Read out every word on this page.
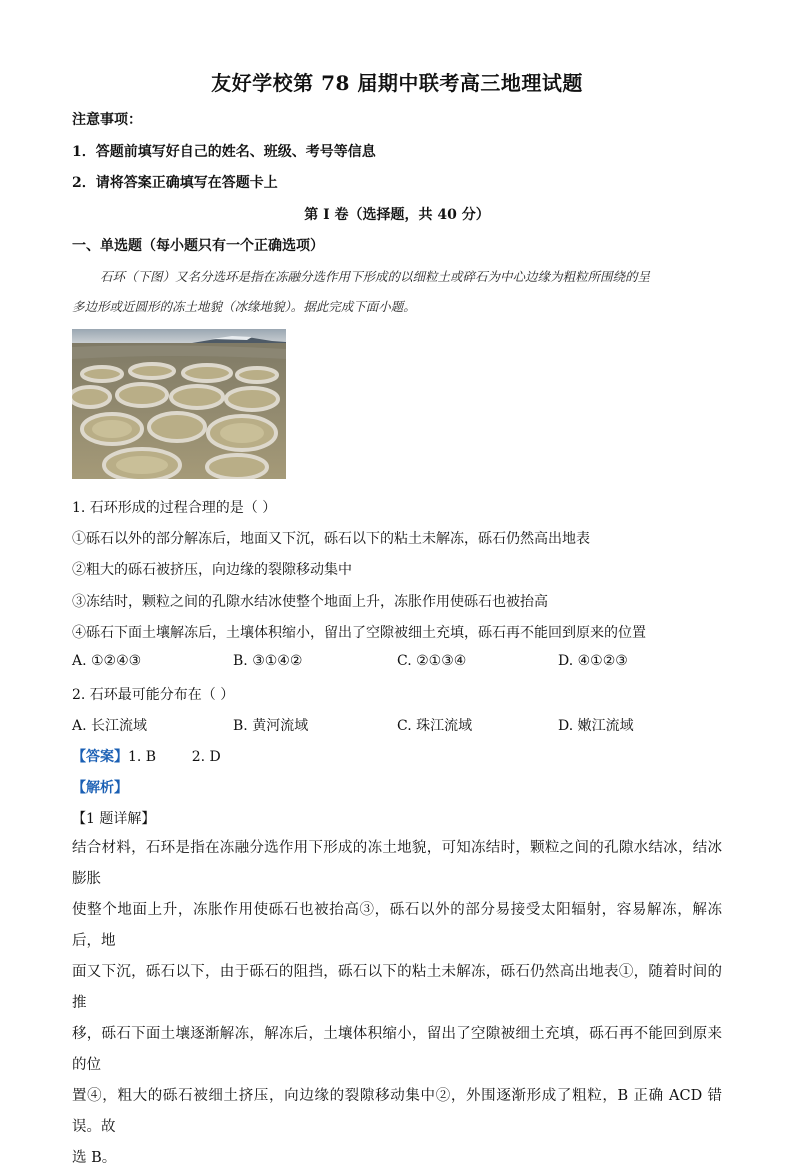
友好学校第 78 届期中联考高三地理试题
注意事项：
1．答题前填写好自己的姓名、班级、考号等信息
2．请将答案正确填写在答题卡上
第 I 卷（选择题，共 40 分）
一、单选题（每小题只有一个正确选项）
石环（下图）又名分选环是指在冻融分选作用下形成的以细粒土或碎石为中心边缘为粗粒所围绕的呈
多边形或近圆形的冻土地貌（冰缘地貌）。据此完成下面小题。
1. 石环形成的过程合理的是（ ）
①砾石以外的部分解冻后，地面又下沉，砾石以下的粘土未解冻，砾石仍然高出地表
②粗大的砾石被挤压，向边缘的裂隙移动集中
③冻结时，颗粒之间的孔隙水结冰使整个地面上升，冻胀作用使砾石也被抬高
④砾石下面土壤解冻后，土壤体积缩小，留出了空隙被细土充填，砾石再不能回到原来的位置
A. ①②④③	B. ③①④②	C. ②①③④	D. ④①②③
2. 石环最可能分布在（ ）
A. 长江流域	B. 黄河流域	C. 珠江流域	D. 嫩江流域
【答案】1. B        2. D
【解析】
【1 题详解】
结合材料，石环是指在冻融分选作用下形成的冻土地貌，可知冻结时，颗粒之间的孔隙水结冰，结冰膨胀
使整个地面上升，冻胀作用使砾石也被抬高③，砾石以外的部分易接受太阳辐射，容易解冻，解冻后，地
面又下沉，砾石以下，由于砾石的阻挡，砾石以下的粘土未解冻，砾石仍然高出地表①，随着时间的推
移，砾石下面土壤逐渐解冻，解冻后，土壤体积缩小，留出了空隙被细土充填，砾石再不能回到原来的位
置④，粗大的砾石被细土挤压，向边缘的裂隙移动集中②，外围逐渐形成了粗粒，B 正确 ACD 错误。故
选 B。
